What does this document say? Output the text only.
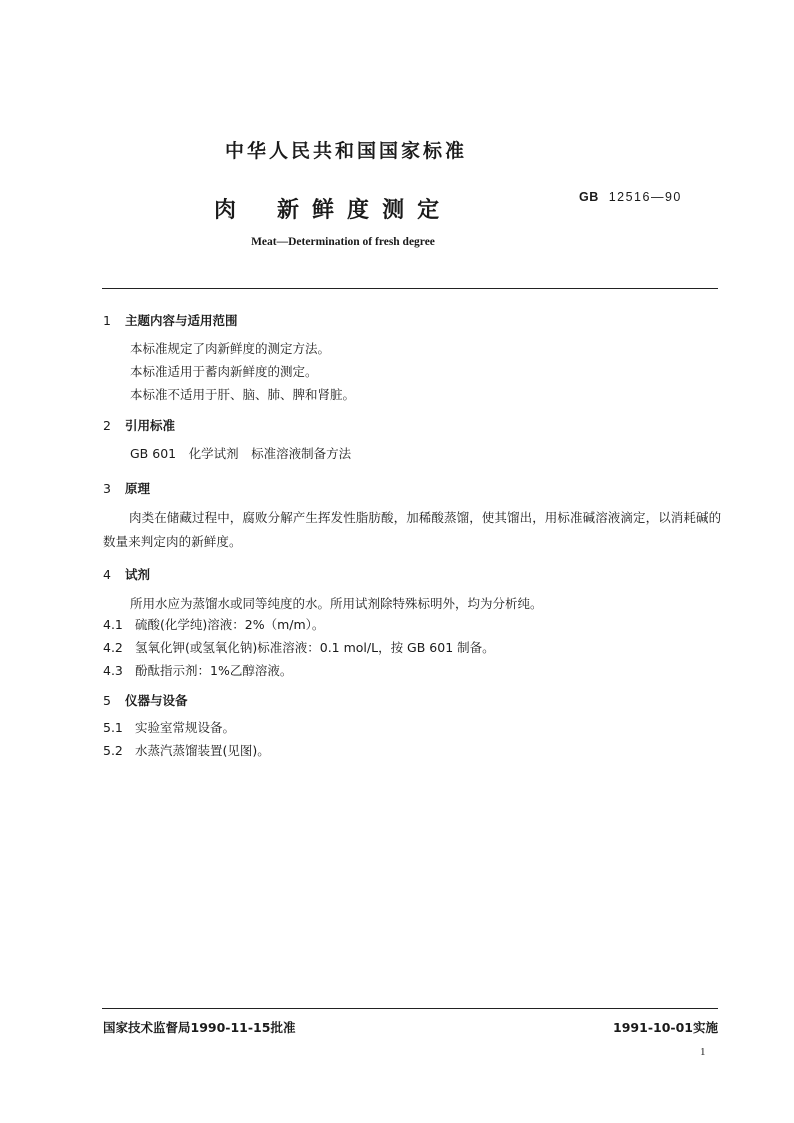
中华人民共和国国家标准
肉 新 鲜 度 测 定
GB 12516—90
Meat—Determination of fresh degree
1 主题内容与适用范围
本标准规定了肉新鲜度的测定方法。
本标准适用于蓄肉新鲜度的测定。
本标准不适用于肝、脑、肺、脾和肾脏。
2 引用标准
GB 601　化学试剂　标准溶液制备方法
3 原理
肉类在储藏过程中，腐败分解产生挥发性脂肪酸，加稀酸蒸馏，使其馏出，用标准碱溶液滴定，以消耗碱的数量来判定肉的新鲜度。
4 试剂
所用水应为蒸馏水或同等纯度的水。所用试剂除特殊标明外，均为分析纯。
4.1 硫酸(化学纯)溶液：2%（m/m）。
4.2 氢氧化钾(或氢氧化钠)标准溶液：0.1 mol/L，按 GB 601 制备。
4.3 酚酞指示剂：1%乙醇溶液。
5 仪器与设备
5.1 实验室常规设备。
5.2 水蒸汽蒸馏装置(见图)。
国家技术监督局1990-11-15批准	1991-10-01实施
1
